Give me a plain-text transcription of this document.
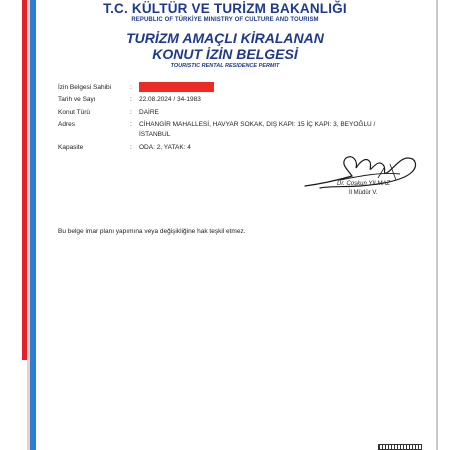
T.C. KÜLTÜR VE TURİZM BAKANLIĞI
REPUBLIC OF TÜRKİYE MINISTRY OF CULTURE AND TOURISM
TURİZM AMAÇLI KİRALANAN
KONUT İZİN BELGESİ
TOURISTIC RENTAL RESIDENCE PERMIT
İzin Belgesi Sahibi	:
Tarih ve Sayı	: 22.08.2024 / 34-1983
Konut Türü	: DAİRE
Adres	: CİHANGİR MAHALLESİ, HAVYAR SOKAK, DIŞ KAPI: 15 İÇ KAPI: 3, BEYOĞLU /
İSTANBUL
Kapasite	: ODA: 2, YATAK: 4
Dr. Coşkun YILMAZ
İl Müdür V.
Bu belge imar planı yapımına veya değişikliğine hak teşkil etmez.
